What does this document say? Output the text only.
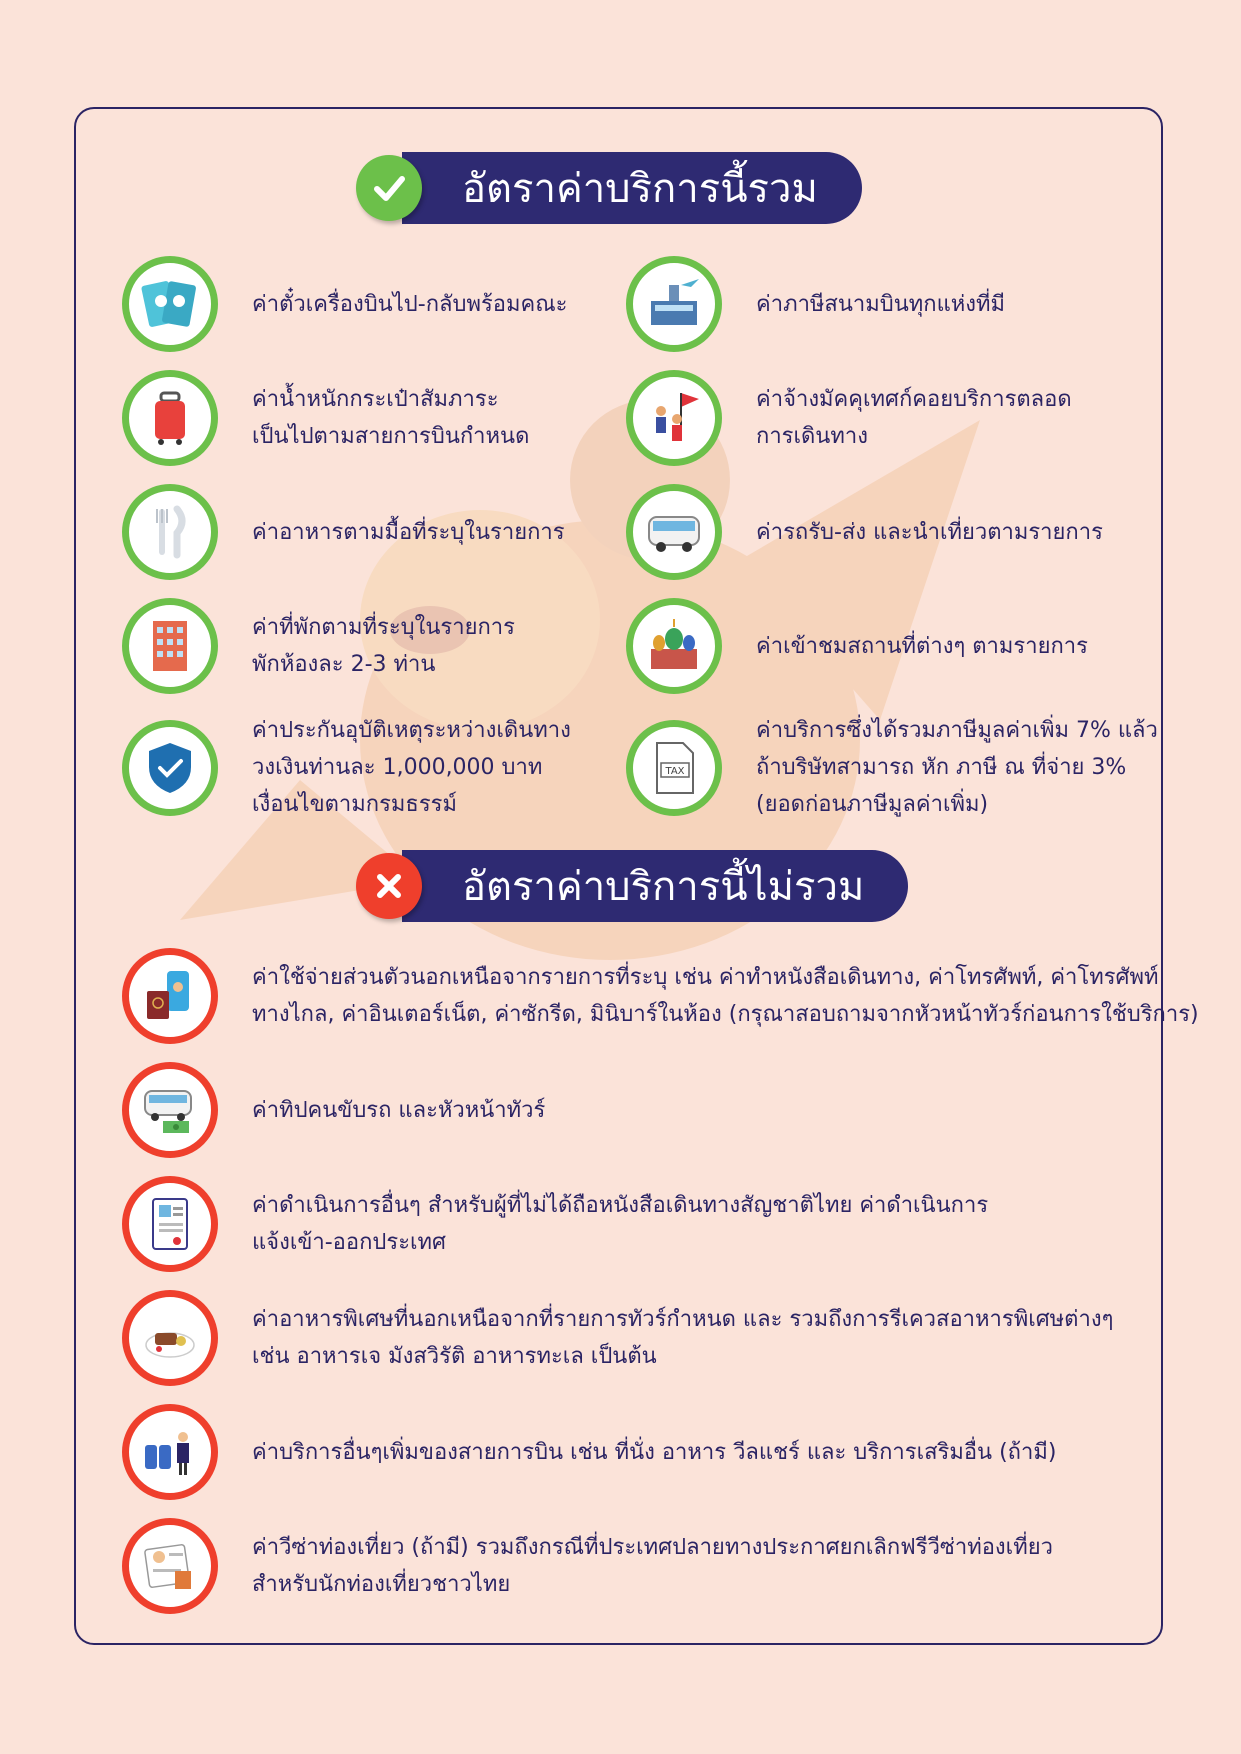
อัตราค่าบริการนี้รวม
ค่าตั๋วเครื่องบินไป-กลับพร้อมคณะ	ค่าภาษีสนามบินทุกแห่งที่มี
ค่าน้ำหนักกระเป๋าสัมภาระ
เป็นไปตามสายการบินกำหนด
ค่าจ้างมัคคุเทศก์คอยบริการตลอด
การเดินทาง
ค่าอาหารตามมื้อที่ระบุในรายการ	ค่ารถรับ-ส่ง และนำเที่ยวตามรายการ
ค่าที่พักตามที่ระบุในรายการ
พักห้องละ 2-3 ท่าน
ค่าเข้าชมสถานที่ต่างๆ ตามรายการ
ค่าประกันอุบัติเหตุระหว่างเดินทาง
วงเงินท่านละ 1,000,000 บาท
เงื่อนไขตามกรมธรรม์
TAX
ค่าบริการซึ่งได้รวมภาษีมูลค่าเพิ่ม 7% แล้ว
ถ้าบริษัทสามารถ หัก ภาษี ณ ที่จ่าย 3%
(ยอดก่อนภาษีมูลค่าเพิ่ม)
อัตราค่าบริการนี้ไม่รวม
ค่าใช้จ่ายส่วนตัวนอกเหนือจากรายการที่ระบุ เช่น ค่าทำหนังสือเดินทาง, ค่าโทรศัพท์, ค่าโทรศัพท์
ทางไกล, ค่าอินเตอร์เน็ต, ค่าซักรีด, มินิบาร์ในห้อง (กรุณาสอบถามจากหัวหน้าทัวร์ก่อนการใช้บริการ)
ค่าทิปคนขับรถ และหัวหน้าทัวร์
ค่าดำเนินการอื่นๆ สำหรับผู้ที่ไม่ได้ถือหนังสือเดินทางสัญชาติไทย ค่าดำเนินการ
แจ้งเข้า-ออกประเทศ
ค่าอาหารพิเศษที่นอกเหนือจากที่รายการทัวร์กำหนด และ รวมถึงการรีเควสอาหารพิเศษต่างๆ
เช่น อาหารเจ มังสวิรัติ อาหารทะเล เป็นต้น
ค่าบริการอื่นๆเพิ่มของสายการบิน เช่น ที่นั่ง อาหาร วีลแชร์ และ บริการเสริมอื่น (ถ้ามี)
ค่าวีซ่าท่องเที่ยว (ถ้ามี) รวมถึงกรณีที่ประเทศปลายทางประกาศยกเลิกฟรีวีซ่าท่องเที่ยว
สำหรับนักท่องเที่ยวชาวไทย
